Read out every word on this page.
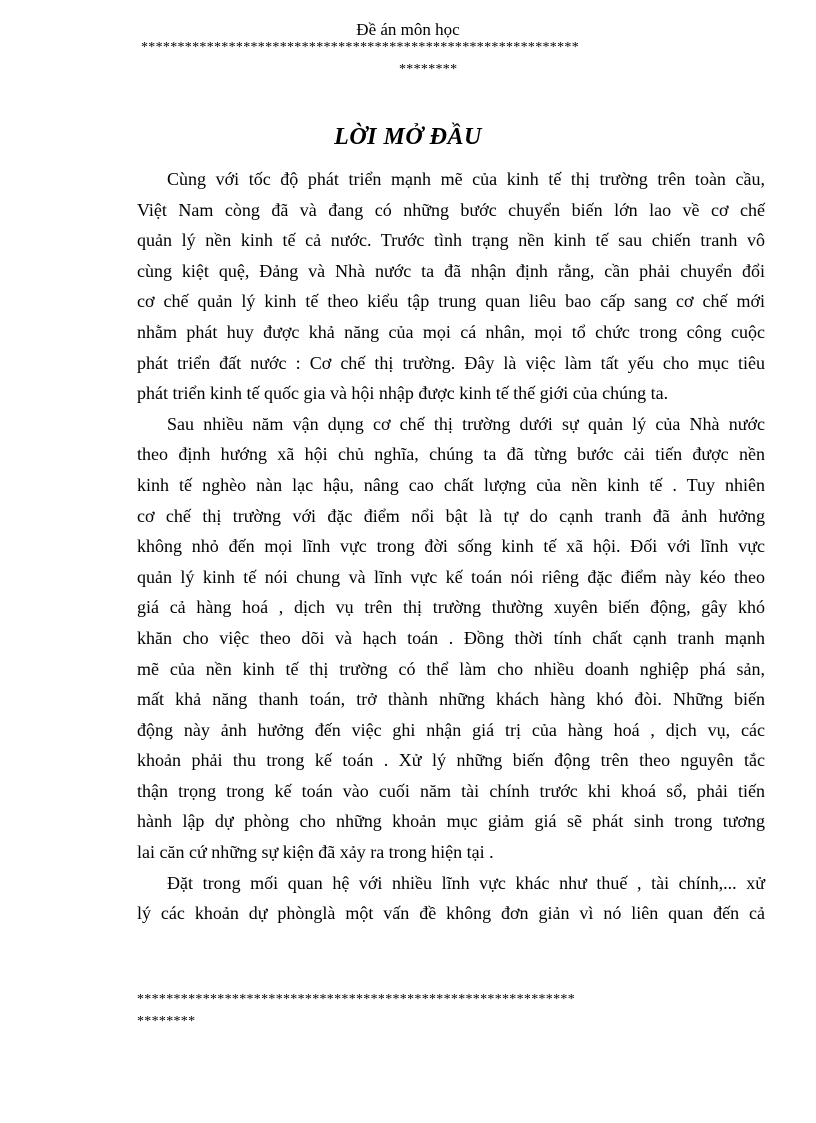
Đề án môn học
************************************************************
********
LỜI MỞ ĐẦU
Cùng với tốc độ phát triển mạnh mẽ của kinh tế thị trường trên toàn cầu,
Việt Nam còng đã và đang có những bước chuyển biến lớn lao về cơ chế
quản lý nền kinh tế cả nước. Trước tình trạng nền kinh tế sau chiến tranh vô
cùng kiệt quệ, Đảng và Nhà nước ta đã nhận định rằng, cần phải chuyển đổi
cơ chế quản lý kinh tế theo kiểu tập trung quan liêu bao cấp sang cơ chế mới
nhằm phát huy được khả năng của mọi cá nhân, mọi tổ chức trong công cuộc
phát triển đất nước : Cơ chế thị trường. Đây là việc làm tất yếu cho mục tiêu
phát triển kinh tế quốc gia và hội nhập được kinh tế thế giới của chúng ta.
Sau nhiều năm vận dụng cơ chế thị trường dưới sự quản lý của Nhà nước
theo định hướng xã hội chủ nghĩa, chúng ta đã từng bước cải tiến được nền
kinh tế nghèo nàn lạc hậu, nâng cao chất lượng của nền kinh tế . Tuy nhiên
cơ chế thị trường với đặc điểm nổi bật là tự do cạnh tranh đã ảnh hưởng
không nhỏ đến mọi lĩnh vực trong đời sống kinh tế xã hội. Đối với lĩnh vực
quản lý kinh tế nói chung và lĩnh vực kế toán nói riêng đặc điểm này kéo theo
giá cả hàng hoá , dịch vụ trên thị trường thường xuyên biến động, gây khó
khăn cho việc theo dõi và hạch toán . Đồng thời tính chất cạnh tranh mạnh
mẽ của nền kinh tế thị trường có thể làm cho nhiều doanh nghiệp phá sản,
mất khả năng thanh toán, trở thành những khách hàng khó đòi. Những biến
động này ảnh hưởng đến việc ghi nhận giá trị của hàng hoá , dịch vụ, các
khoản phải thu trong kế toán . Xử lý những biến động trên theo nguyên tắc
thận trọng trong kế toán vào cuối năm tài chính trước khi khoá sổ, phải tiến
hành lập dự phòng cho những khoản mục giảm giá sẽ phát sinh trong tương
lai căn cứ những sự kiện đã xảy ra trong hiện tại .
Đặt trong mối quan hệ với nhiều lĩnh vực khác như thuế , tài chính,... xử
lý các khoản dự phònglà một vấn đề không đơn giản vì nó liên quan đến cả
************************************************************
********
